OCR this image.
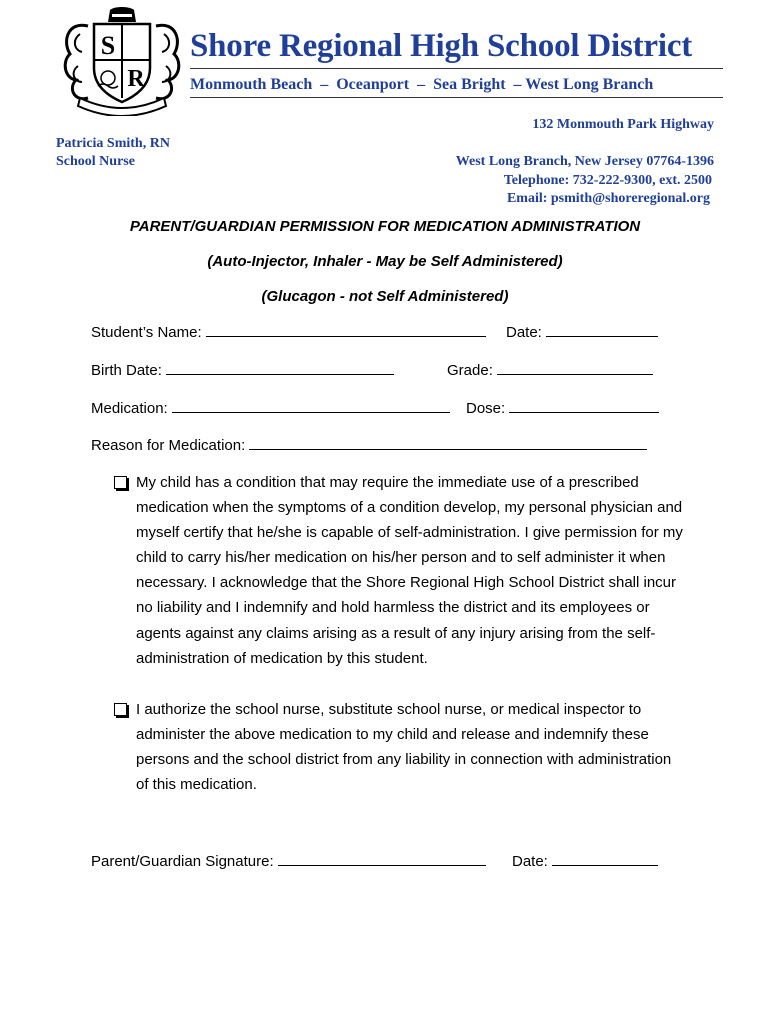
S
R
Shore Regional High School District
Monmouth Beach  –  Oceanport  –  Sea Bright  – West Long Branch
132 Monmouth Park Highway
Patricia Smith, RN
School Nurse	West Long Branch, New Jersey 07764-1396
Telephone: 732-222-9300, ext. 2500
Email: psmith@shoreregional.org
PARENT/GUARDIAN PERMISSION FOR MEDICATION ADMINISTRATION
(Auto-Injector, Inhaler - May be Self Administered)
(Glucagon - not Self Administered)
Student’s Name:	Date:
Birth Date:	Grade:
Medication:	Dose:
Reason for Medication:
My child has a condition that may require the immediate use of a prescribed medication when the symptoms of a condition develop, my personal physician and myself certify that he/she is capable of self-administration. I give permission for my child to carry his/her medication on his/her person and to self administer it when necessary. I acknowledge that the Shore Regional High School District shall incur no liability and I indemnify and hold harmless the district and its employees or agents against any claims arising as a result of any injury arising from the self-administration of medication by this student.
I authorize the school nurse, substitute school nurse, or medical inspector to administer the above medication to my child and release and indemnify these persons and the school district from any liability in connection with administration of this medication.
Parent/Guardian Signature:	Date:
